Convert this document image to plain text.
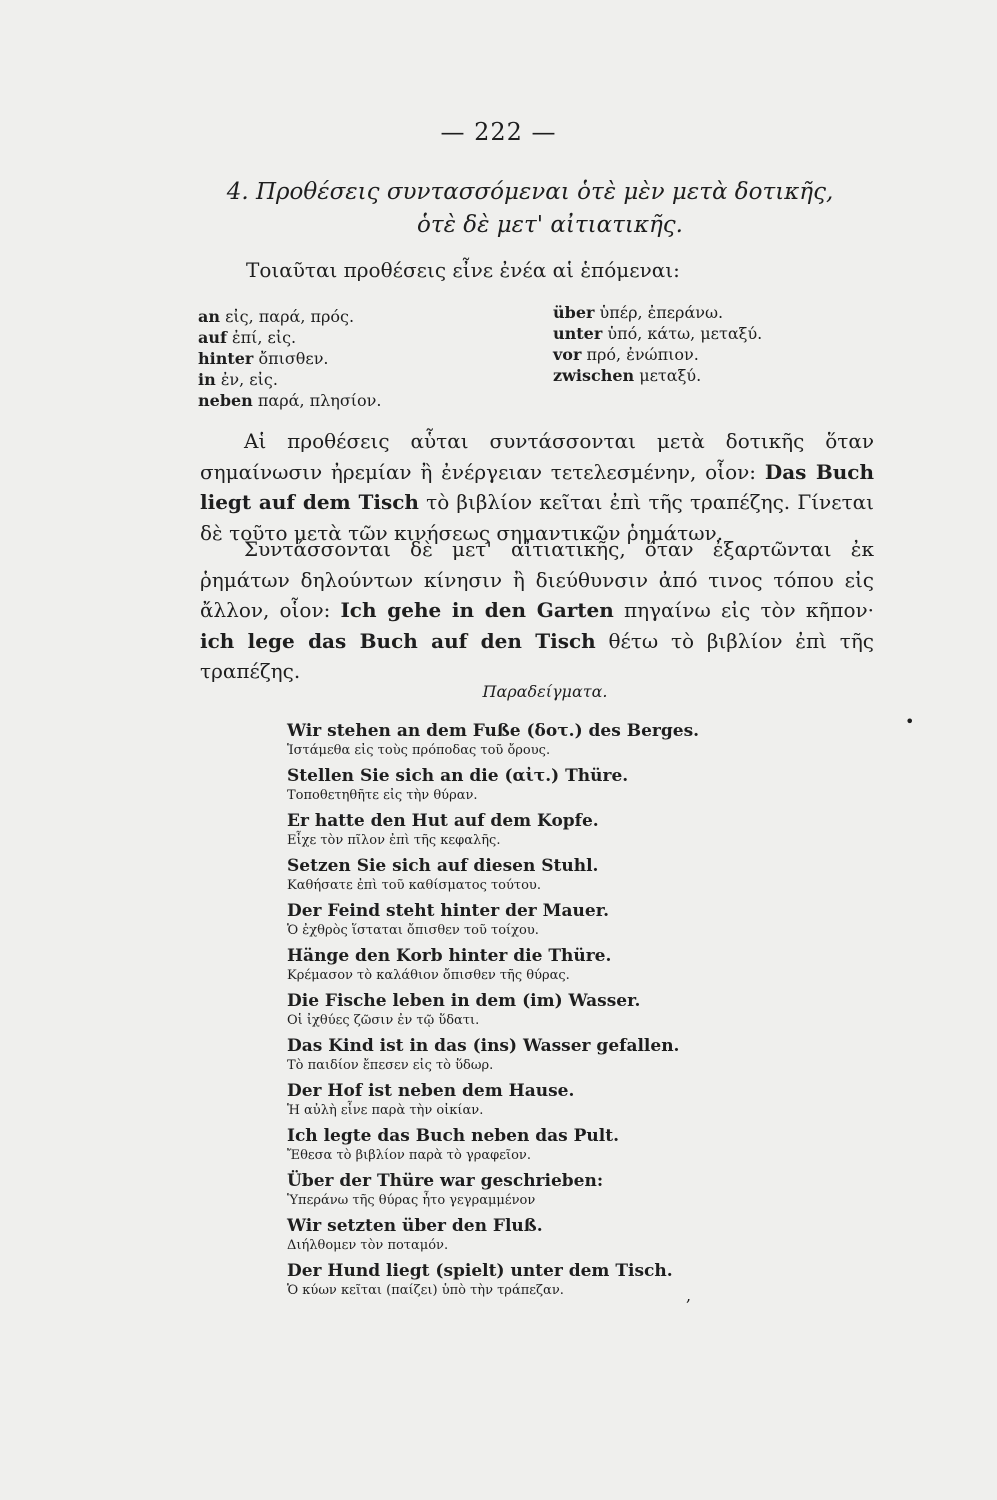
— 222 —
4. Προθέσεις συντασσόμεναι ὁτὲ μὲν μετὰ δοτικῆς,
ὁτὲ δὲ μετ' αἰτιατικῆς.
Τοιαῦται προθέσεις εἶνε ἐνέα αἱ ἑπόμεναι:
an εἰς, παρά, πρός.
auf ἐπί, εἰς.
hinter ὄπισθεν.
in ἐν, εἰς.
neben παρά, πλησίον.
über ὑπέρ, ἐπεράνω.
unter ὑπό, κάτω, μεταξύ.
vor πρό, ἐνώπιον.
zwischen μεταξύ.
Αἱ προθέσεις αὗται συντάσσονται μετὰ δοτικῆς ὅταν σημαίνωσιν ἠρεμίαν ἢ ἐνέργειαν τετελεσμένην, οἷον: Das Buch liegt auf dem Tisch τὸ βιβλίον κεῖται ἐπὶ τῆς τραπέζης. Γίνεται δὲ τοῦτο μετὰ τῶν κινήσεως σημαντικῶν ῥημάτων.
Συντάσσονται δὲ μετ' αἰτιατικῆς, ὅταν ἐξαρτῶνται ἐκ ῥημάτων δηλούντων κίνησιν ἢ διεύθυνσιν ἀπό τινος τόπου εἰς ἄλλον, οἷον: Ich gehe in den Garten πηγαίνω εἰς τὸν κῆπον· ich lege das Buch auf den Tisch θέτω τὸ βιβλίον ἐπὶ τῆς τραπέζης.
Παραδείγματα.
Wir stehen an dem Fuße (δοτ.) des Berges.
Ἱστάμεθα εἰς τοὺς πρόποδας τοῦ ὄρους.
Stellen Sie sich an die (αἰτ.) Thüre.
Τοποθετηθῆτε εἰς τὴν θύραν.
Er hatte den Hut auf dem Kopfe.
Εἶχε τὸν πῖλον ἐπὶ τῆς κεφαλῆς.
Setzen Sie sich auf diesen Stuhl.
Καθήσατε ἐπὶ τοῦ καθίσματος τούτου.
Der Feind steht hinter der Mauer.
Ὁ ἐχθρὸς ἵσταται ὄπισθεν τοῦ τοίχου.
Hänge den Korb hinter die Thüre.
Κρέμασον τὸ καλάθιον ὄπισθεν τῆς θύρας.
Die Fische leben in dem (im) Wasser.
Οἱ ἰχθύες ζῶσιν ἐν τῷ ὕδατι.
Das Kind ist in das (ins) Wasser gefallen.
Τὸ παιδίον ἔπεσεν εἰς τὸ ὕδωρ.
Der Hof ist neben dem Hause.
Ἡ αὐλὴ εἶνε παρὰ τὴν οἰκίαν.
Ich legte das Buch neben das Pult.
Ἔθεσα τὸ βιβλίον παρὰ τὸ γραφεῖον.
Über der Thüre war geschrieben:
Ὑπεράνω τῆς θύρας ἦτο γεγραμμένον
Wir setzten über den Fluß.
Διήλθομεν τὸν ποταμόν.
Der Hund liegt (spielt) unter dem Tisch.
Ὁ κύων κεῖται (παίζει) ὑπὸ τὴν τράπεζαν.
•
,
